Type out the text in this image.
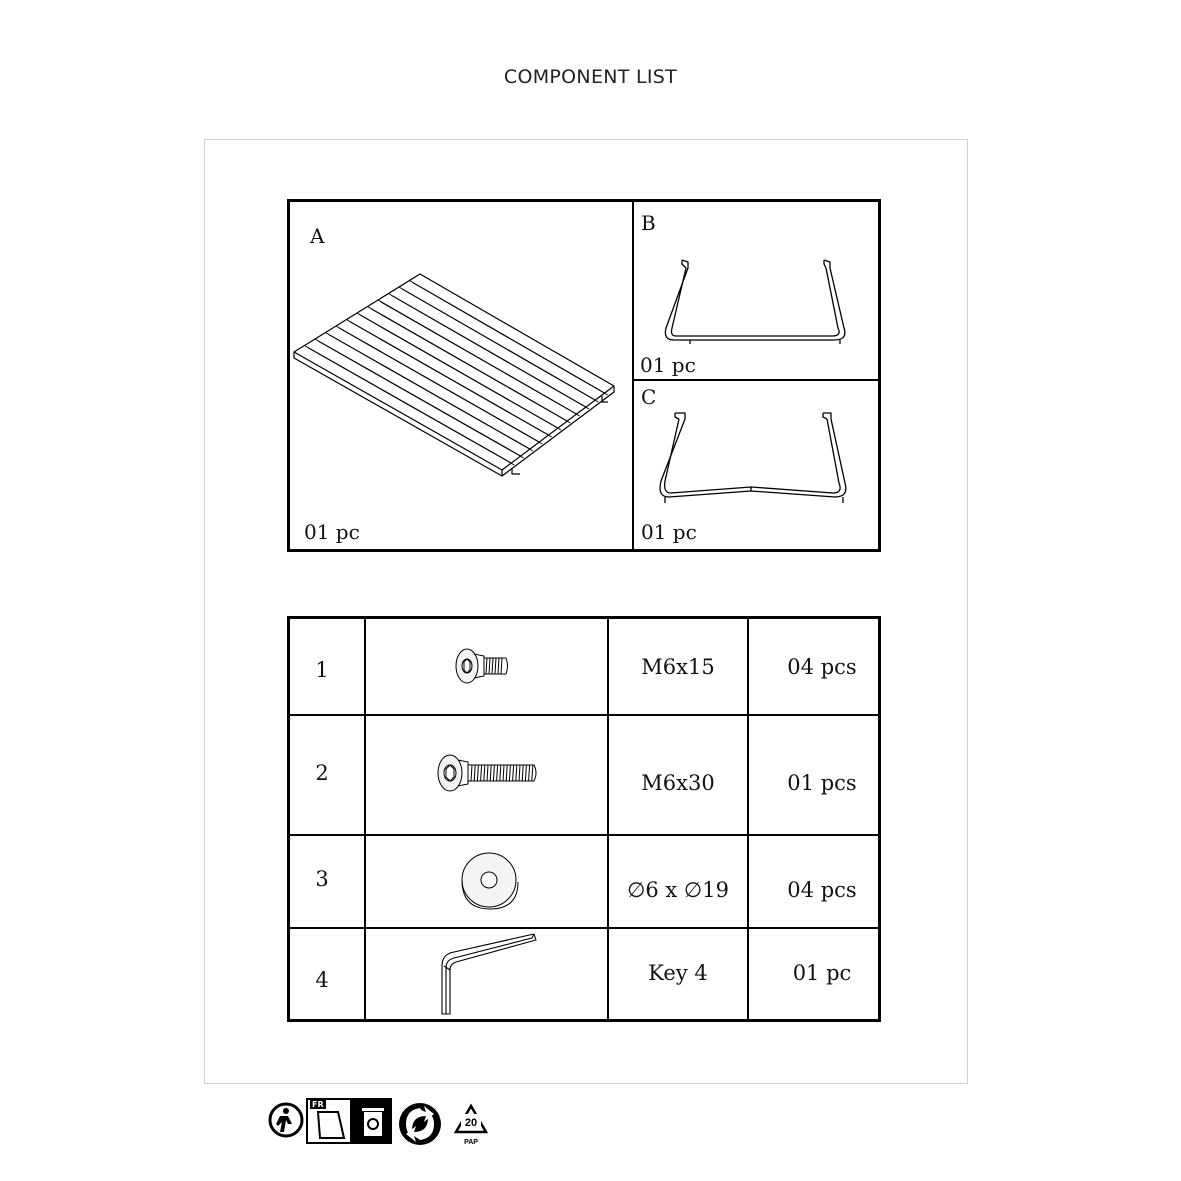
COMPONENT LIST
A
01 pc
B
01 pc
C
01 pc
1	M6x15	04 pcs
2	M6x30	01 pcs
3	∅6 x ∅19	04 pcs
4	Key 4	01 pc
FR
20
PAP
